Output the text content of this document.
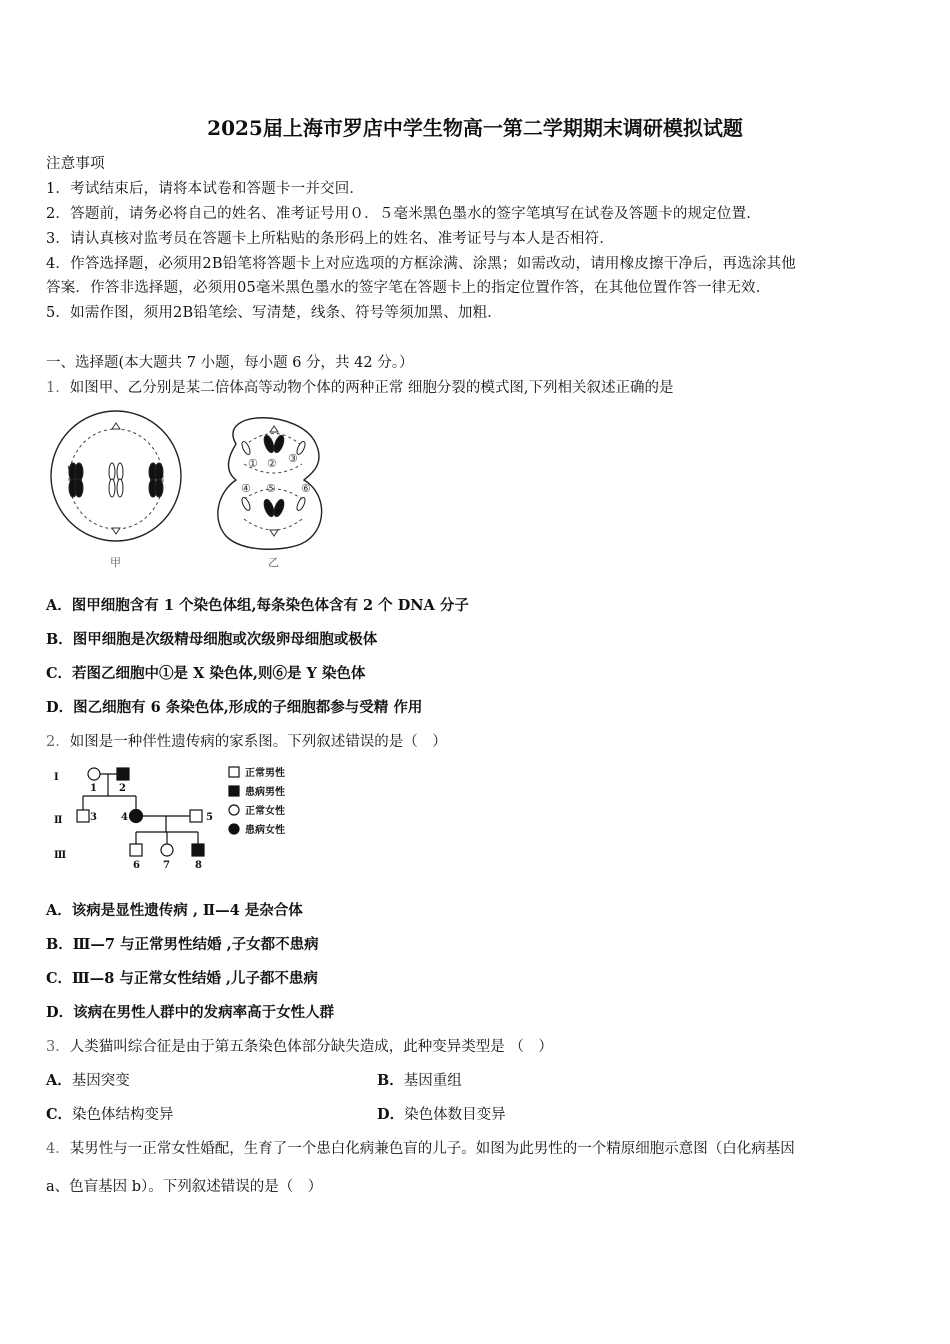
2025届上海市罗店中学生物高一第二学期期末调研模拟试题
注意事项
1．考试结束后，请将本试卷和答题卡一并交回．
2．答题前，请务必将自己的姓名、准考证号用０．５毫米黑色墨水的签字笔填写在试卷及答题卡的规定位置．
3．请认真核对监考员在答题卡上所粘贴的条形码上的姓名、准考证号与本人是否相符．
4．作答选择题，必须用2B铅笔将答题卡上对应选项的方框涂满、涂黑；如需改动，请用橡皮擦干净后，再选涂其他
答案．作答非选择题，必须用05毫米黑色墨水的签字笔在答题卡上的指定位置作答，在其他位置作答一律无效．
5．如需作图，须用2B铅笔绘、写清楚，线条、符号等须加黑、加粗．
一、选择题(本大题共 7 小题，每小题 6 分，共 42 分。）
1．如图甲、乙分别是某二倍体高等动物个体的两种正常 细胞分裂的模式图,下列相关叙述正确的是
甲
① ② ③
④ ⑤ ⑥
乙
A．图甲细胞含有 1 个染色体组,每条染色体含有 2 个 DNA 分子
B．图甲细胞是次级精母细胞或次级卵母细胞或极体
C．若图乙细胞中①是 X 染色体,则⑥是 Y 染色体
D．图乙细胞有 6 条染色体,形成的子细胞都参与受精 作用
2．如图是一种伴性遗传病的家系图。下列叙述错误的是（　）
Ⅰ
Ⅱ
Ⅲ
1 2
3 4	5
6 7	8
正常男性
患病男性
正常女性
患病女性
A．该病是显性遗传病 , Ⅱ—4 是杂合体
B．Ⅲ—7 与正常男性结婚 ,子女都不患病
C．Ⅲ—8 与正常女性结婚 ,儿子都不患病
D．该病在男性人群中的发病率高于女性人群
3．人类猫叫综合征是由于第五条染色体部分缺失造成，此种变异类型是 （　）
A．基因突变	B．基因重组
C．染色体结构变异	D．染色体数目变异
4．某男性与一正常女性婚配，生育了一个患白化病兼色盲的儿子。如图为此男性的一个精原细胞示意图（白化病基因
a、色盲基因 b）。下列叙述错误的是（　）
